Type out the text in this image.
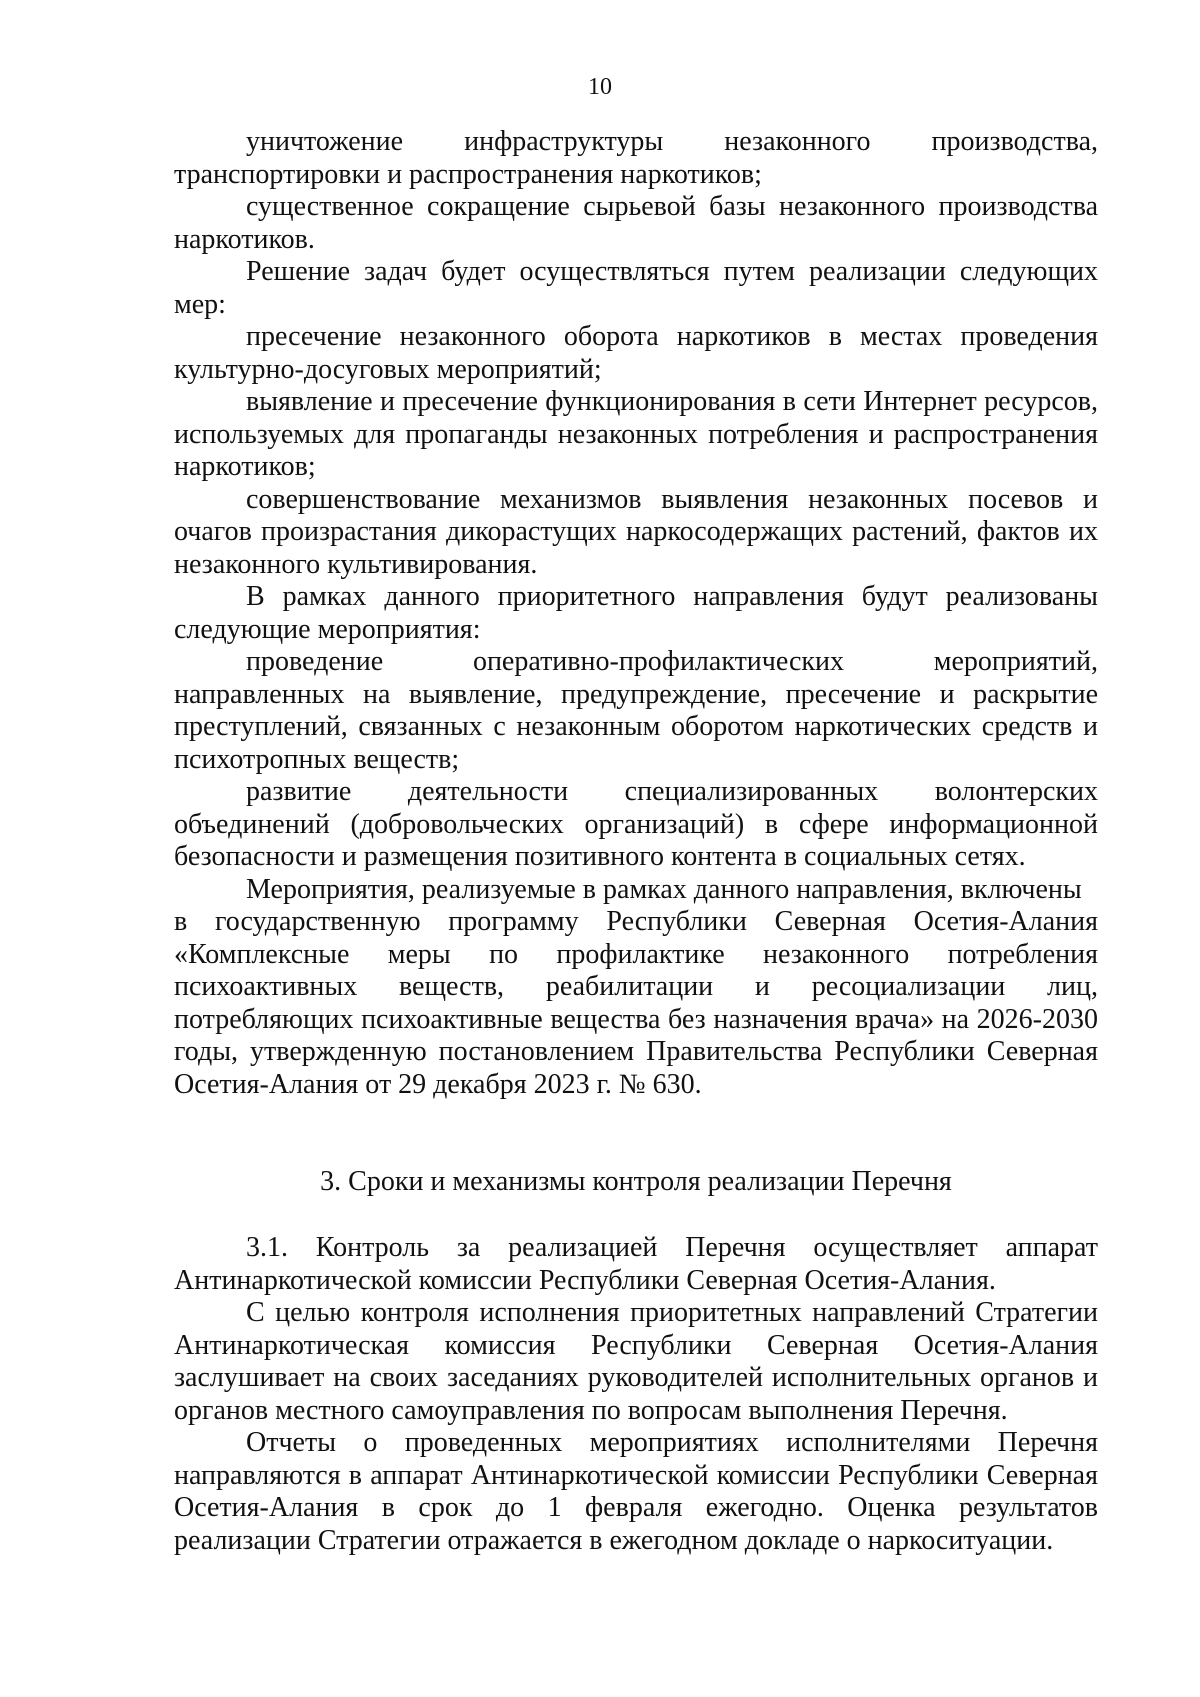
10

уничтожение инфраструктуры незаконного производства, транспортировки и распространения наркотиков;

существенное сокращение сырьевой базы незаконного производства наркотиков.

Решение задач будет осуществляться путем реализации следующих мер:

пресечение незаконного оборота наркотиков в местах проведения культурно-досуговых мероприятий;

выявление и пресечение функционирования в сети Интернет ресурсов, используемых для пропаганды незаконных потребления и распространения наркотиков;

совершенствование механизмов выявления незаконных посевов и очагов произрастания дикорастущих наркосодержащих растений, фактов их незаконного культивирования.

В рамках данного приоритетного направления будут реализованы следующие мероприятия:

проведение оперативно-профилактических мероприятий, направленных на выявление, предупреждение, пресечение и раскрытие преступлений, связанных с незаконным оборотом наркотических средств и психотропных веществ;

развитие деятельности специализированных волонтерских объединений (добровольческих организаций) в сфере информационной безопасности и размещения позитивного контента в социальных сетях.

Мероприятия, реализуемые в рамках данного направления, включены

в государственную программу Республики Северная Осетия-Алания «Комплексные меры по профилактике незаконного потребления психоактивных веществ, реабилитации и ресоциализации лиц, потребляющих психоактивные вещества без назначения врача» на 2026-2030 годы, утвержденную постановлением Правительства Республики Северная Осетия-Алания от 29 декабря 2023 г. № 630.

3. Сроки и механизмы контроля реализации Перечня

3.1. Контроль за реализацией Перечня осуществляет аппарат Антинаркотической комиссии Республики Северная Осетия-Алания.

С целью контроля исполнения приоритетных направлений Стратегии Антинаркотическая комиссия Республики Северная Осетия-Алания заслушивает на своих заседаниях руководителей исполнительных органов и органов местного самоуправления по вопросам выполнения Перечня.

Отчеты о проведенных мероприятиях исполнителями Перечня направляются в аппарат Антинаркотической комиссии Республики Северная Осетия-Алания в срок до 1 февраля ежегодно. Оценка результатов реализации Стратегии отражается в ежегодном докладе о наркоситуации.
